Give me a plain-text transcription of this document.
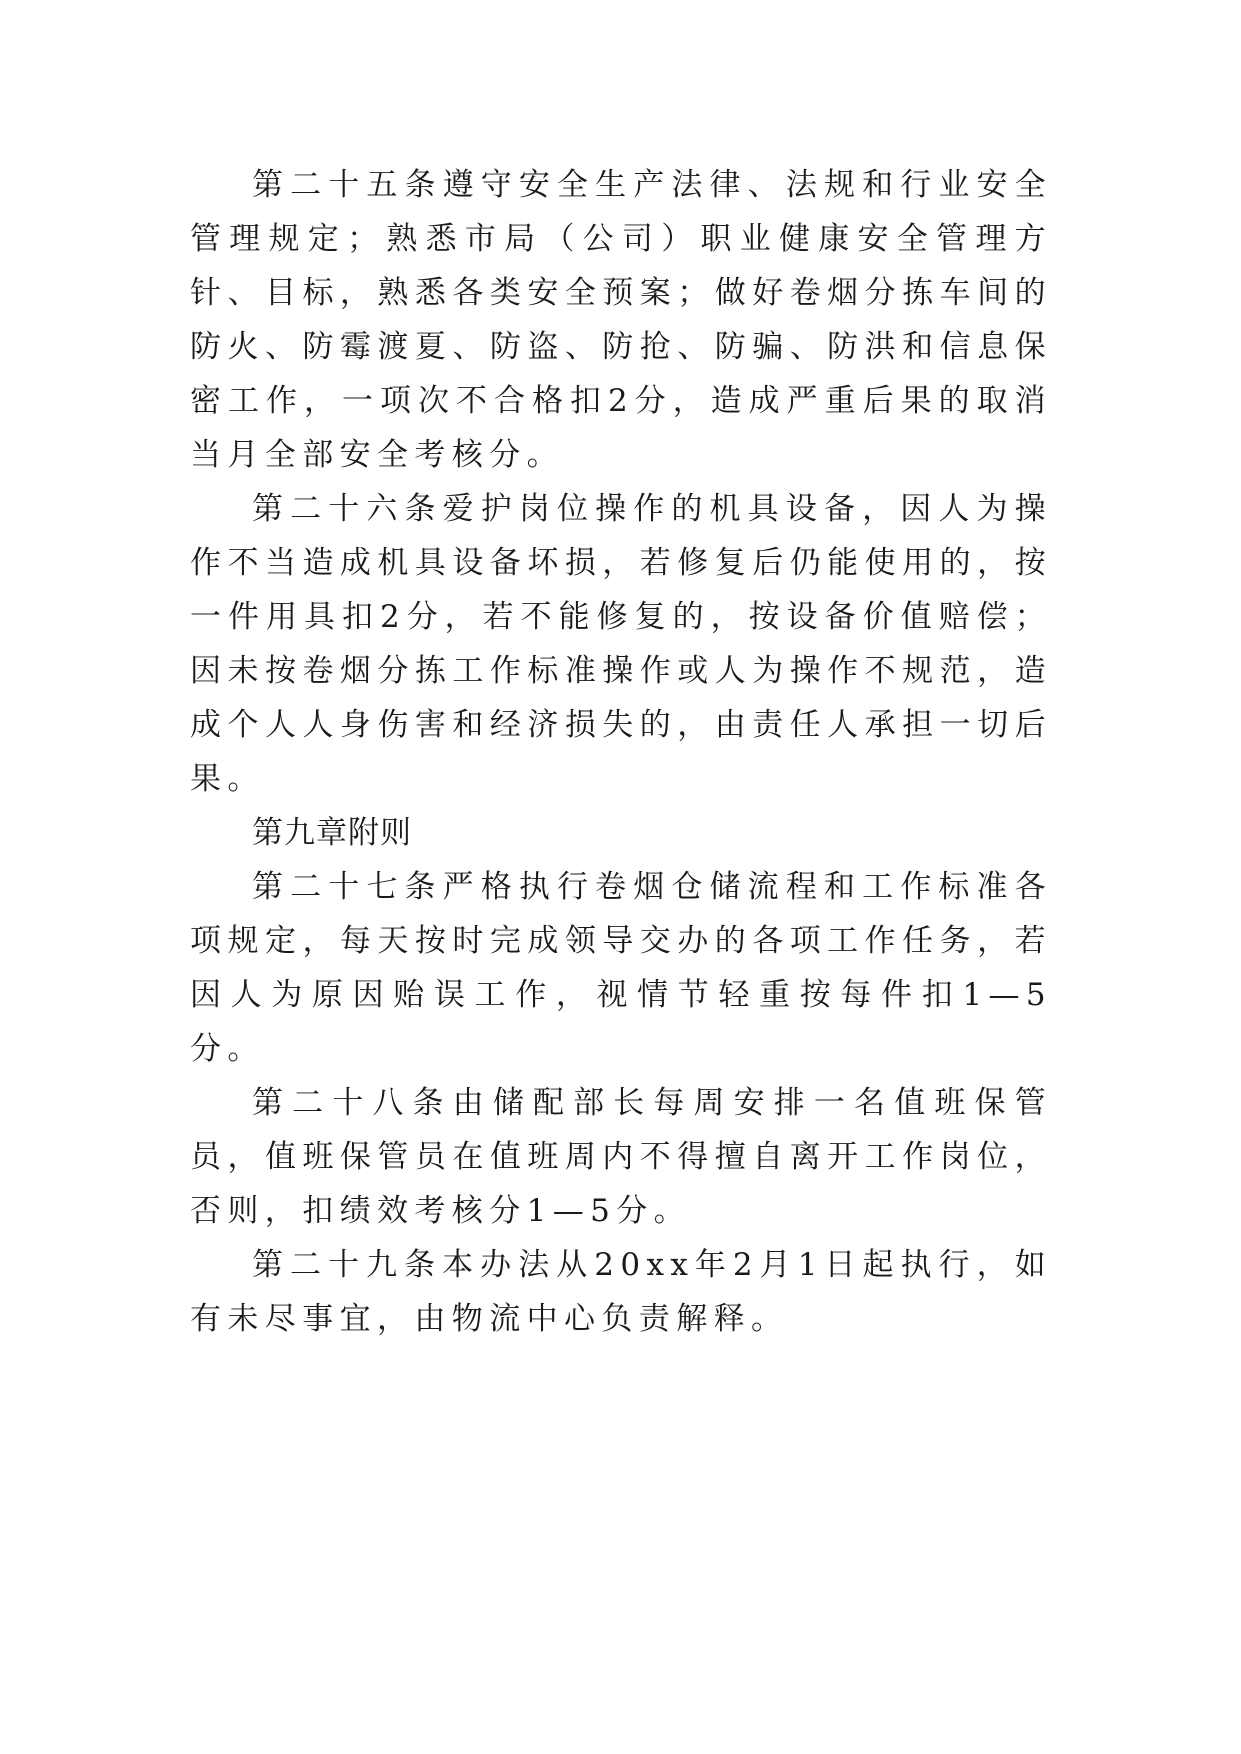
第二十五条遵守安全生产法律、法规和行业安全管理规定；熟悉市局（公司）职业健康安全管理方针、目标，熟悉各类安全预案；做好卷烟分拣车间的防火、防霉渡夏、防盗、防抢、防骗、防洪和信息保密工作，一项次不合格扣2分，造成严重后果的取消当月全部安全考核分。

第二十六条爱护岗位操作的机具设备，因人为操作不当造成机具设备坏损，若修复后仍能使用的，按一件用具扣2分，若不能修复的，按设备价值赔偿；因未按卷烟分拣工作标准操作或人为操作不规范，造成个人人身伤害和经济损失的，由责任人承担一切后果。

第九章附则

第二十七条严格执行卷烟仓储流程和工作标准各项规定，每天按时完成领导交办的各项工作任务，若因人为原因贻误工作，视情节轻重按每件扣1—5分。

第二十八条由储配部长每周安排一名值班保管员，值班保管员在值班周内不得擅自离开工作岗位，否则，扣绩效考核分1—5分。

第二十九条本办法从20xx年2月1日起执行，如有未尽事宜，由物流中心负责解释。
